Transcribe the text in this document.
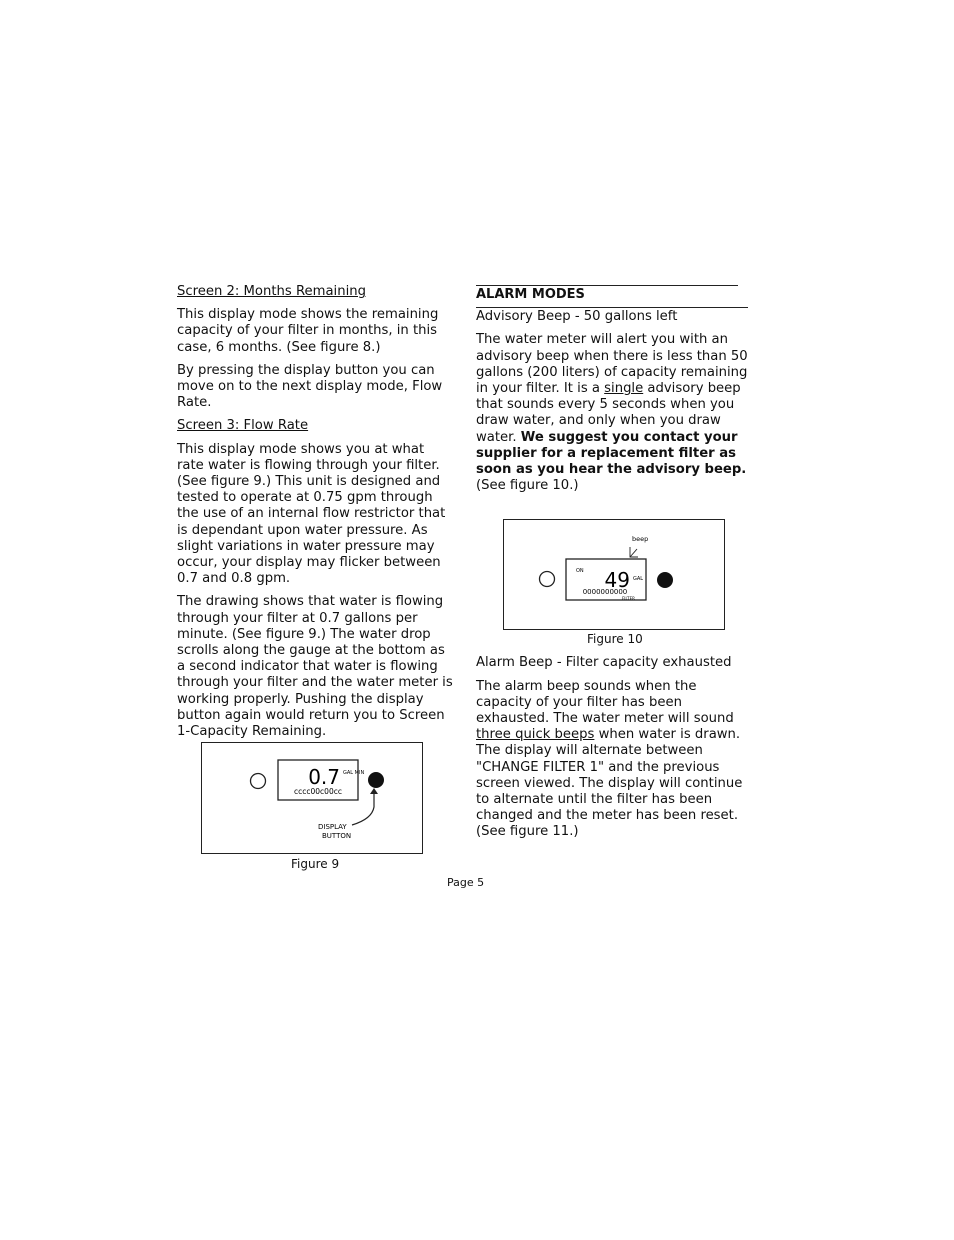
Screen 2: Months Remaining

This display mode shows the remaining capacity of your filter in months, in this case, 6 months. (See figure 8.)

By pressing the display button you can move on to the next display mode, Flow Rate.

Screen 3: Flow Rate

This display mode shows you at what rate water is flowing through your filter. (See figure 9.) This unit is designed and tested to operate at 0.75 gpm through the use of an internal flow restrictor that is dependant upon water pressure. As slight variations in water pressure may occur, your display may flicker between 0.7 and 0.8 gpm.

The drawing shows that water is flowing through your filter at 0.7 gallons per minute. (See figure 9.) The water drop scrolls along the gauge at the bottom as a second indicator that water is flowing through your filter and the water meter is working properly. Pushing the display button again would return you to Screen 1-Capacity Remaining.

ALARM MODES

Advisory Beep - 50 gallons left

The water meter will alert you with an advisory beep when there is less than 50 gallons (200 liters) of capacity remaining in your filter. It is a single advisory beep that sounds every 5 seconds when you draw water, and only when you draw water. We suggest you contact your supplier for a replacement filter as soon as you hear the advisory beep. (See figure 10.)

Alarm Beep - Filter capacity exhausted

The alarm beep sounds when the capacity of your filter has been exhausted. The water meter will sound three quick beeps when water is drawn. The display will alternate between "CHANGE FILTER 1" and the previous screen viewed. The display will continue to alternate until the filter has been changed and the meter has been reset. (See figure 11.)

0.7 GAL MIN
cccc00c00cc
DISPLAY
BUTTON
Figure 9
beep
ON 49 GAL
0000000000
FILTER
Figure 10
Page 5
